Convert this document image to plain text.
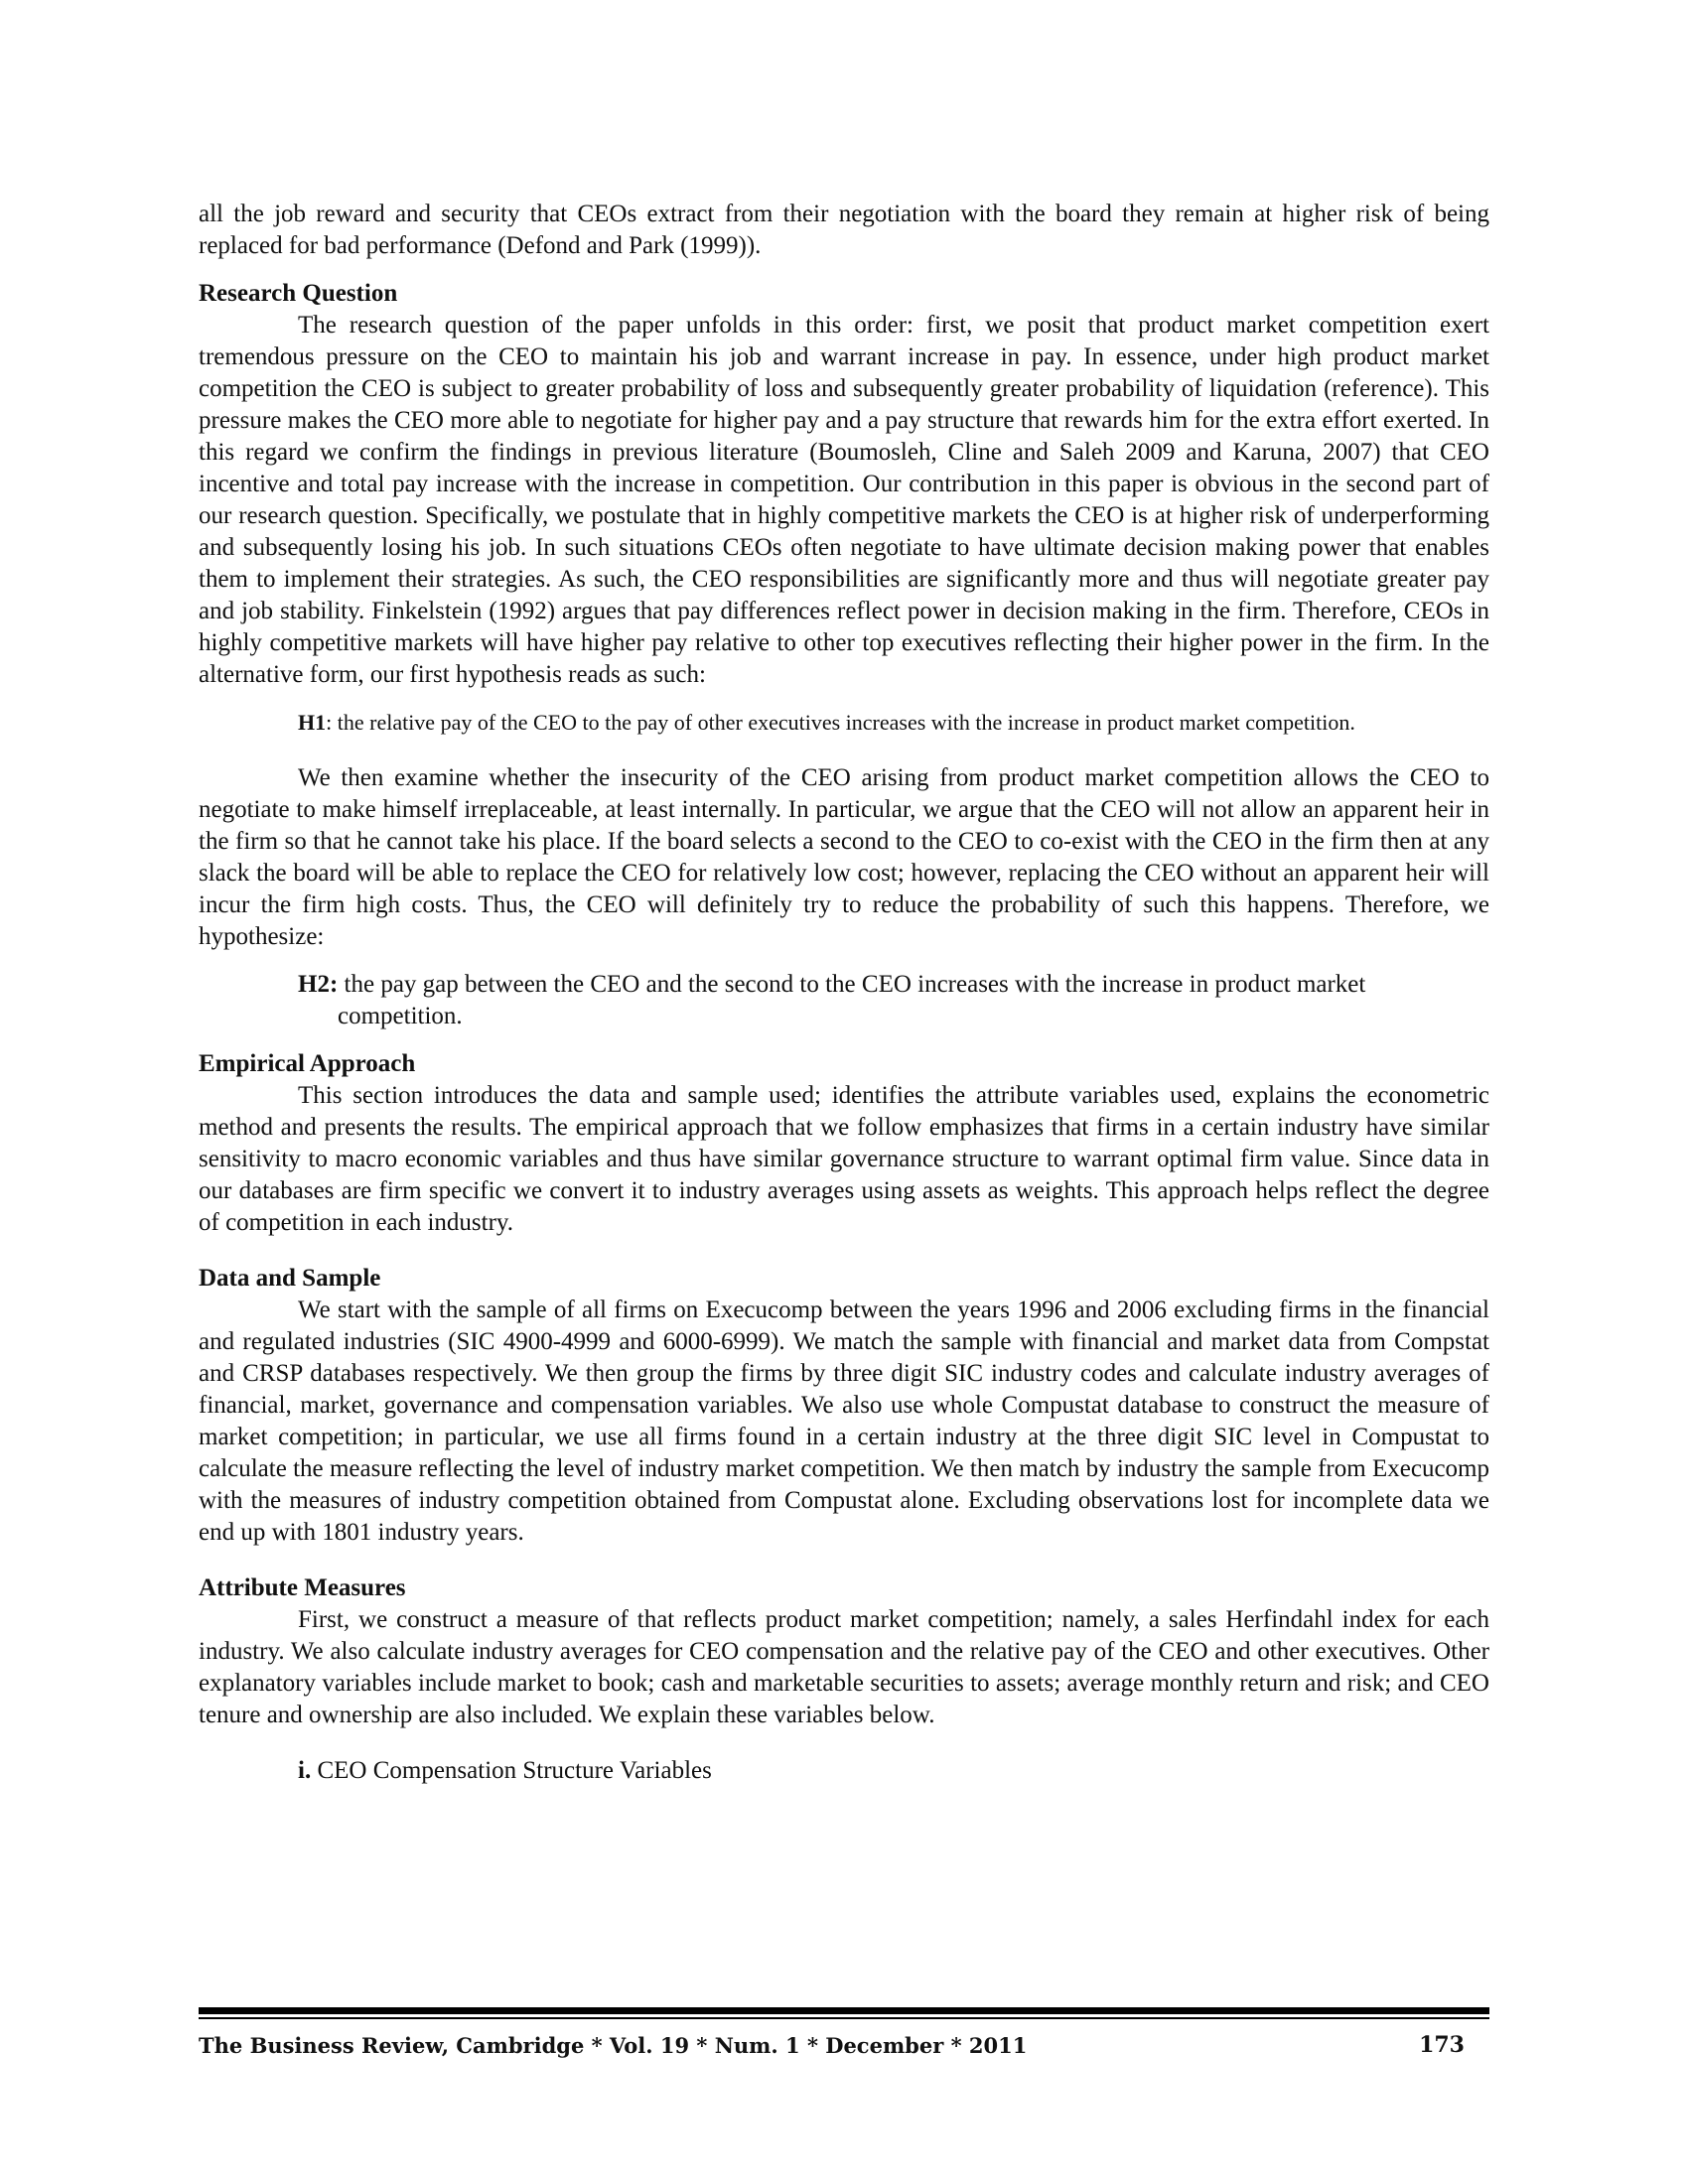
all the job reward and security that CEOs extract from their negotiation with the board they remain at higher risk of being replaced for bad performance (Defond and Park (1999)).

Research Question

The research question of the paper unfolds in this order: first, we posit that product market competition exert tremendous pressure on the CEO to maintain his job and warrant increase in pay. In essence, under high product market competition the CEO is subject to greater probability of loss and subsequently greater probability of liquidation (reference). This pressure makes the CEO more able to negotiate for higher pay and a pay structure that rewards him for the extra effort exerted. In this regard we confirm the findings in previous literature (Boumosleh, Cline and Saleh 2009 and Karuna, 2007) that CEO incentive and total pay increase with the increase in competition. Our contribution in this paper is obvious in the second part of our research question. Specifically, we postulate that in highly competitive markets the CEO is at higher risk of underperforming and subsequently losing his job. In such situations CEOs often negotiate to have ultimate decision making power that enables them to implement their strategies. As such, the CEO responsibilities are significantly more and thus will negotiate greater pay and job stability. Finkelstein (1992) argues that pay differences reflect power in decision making in the firm. Therefore, CEOs in highly competitive markets will have higher pay relative to other top executives reflecting their higher power in the firm. In the alternative form, our first hypothesis reads as such:

H1: the relative pay of the CEO to the pay of other executives increases with the increase in product market competition.

We then examine whether the insecurity of the CEO arising from product market competition allows the CEO to negotiate to make himself irreplaceable, at least internally. In particular, we argue that the CEO will not allow an apparent heir in the firm so that he cannot take his place. If the board selects a second to the CEO to co-exist with the CEO in the firm then at any slack the board will be able to replace the CEO for relatively low cost; however, replacing the CEO without an apparent heir will incur the firm high costs. Thus, the CEO will definitely try to reduce the probability of such this happens. Therefore, we hypothesize:

H2: the pay gap between the CEO and the second to the CEO increases with the increase in product market competition.

Empirical Approach

This section introduces the data and sample used; identifies the attribute variables used, explains the econometric method and presents the results. The empirical approach that we follow emphasizes that firms in a certain industry have similar sensitivity to macro economic variables and thus have similar governance structure to warrant optimal firm value. Since data in our databases are firm specific we convert it to industry averages using assets as weights. This approach helps reflect the degree of competition in each industry.

Data and Sample

We start with the sample of all firms on Execucomp between the years 1996 and 2006 excluding firms in the financial and regulated industries (SIC 4900-4999 and 6000-6999). We match the sample with financial and market data from Compstat and CRSP databases respectively. We then group the firms by three digit SIC industry codes and calculate industry averages of financial, market, governance and compensation variables. We also use whole Compustat database to construct the measure of market competition; in particular, we use all firms found in a certain industry at the three digit SIC level in Compustat to calculate the measure reflecting the level of industry market competition. We then match by industry the sample from Execucomp with the measures of industry competition obtained from Compustat alone. Excluding observations lost for incomplete data we end up with 1801 industry years.

Attribute Measures

First, we construct a measure of that reflects product market competition; namely, a sales Herfindahl index for each industry. We also calculate industry averages for CEO compensation and the relative pay of the CEO and other executives. Other explanatory variables include market to book; cash and marketable securities to assets; average monthly return and risk; and CEO tenure and ownership are also included. We explain these variables below.

i. CEO Compensation Structure Variables

The Business Review, Cambridge * Vol. 19 * Num. 1 * December * 2011	173
